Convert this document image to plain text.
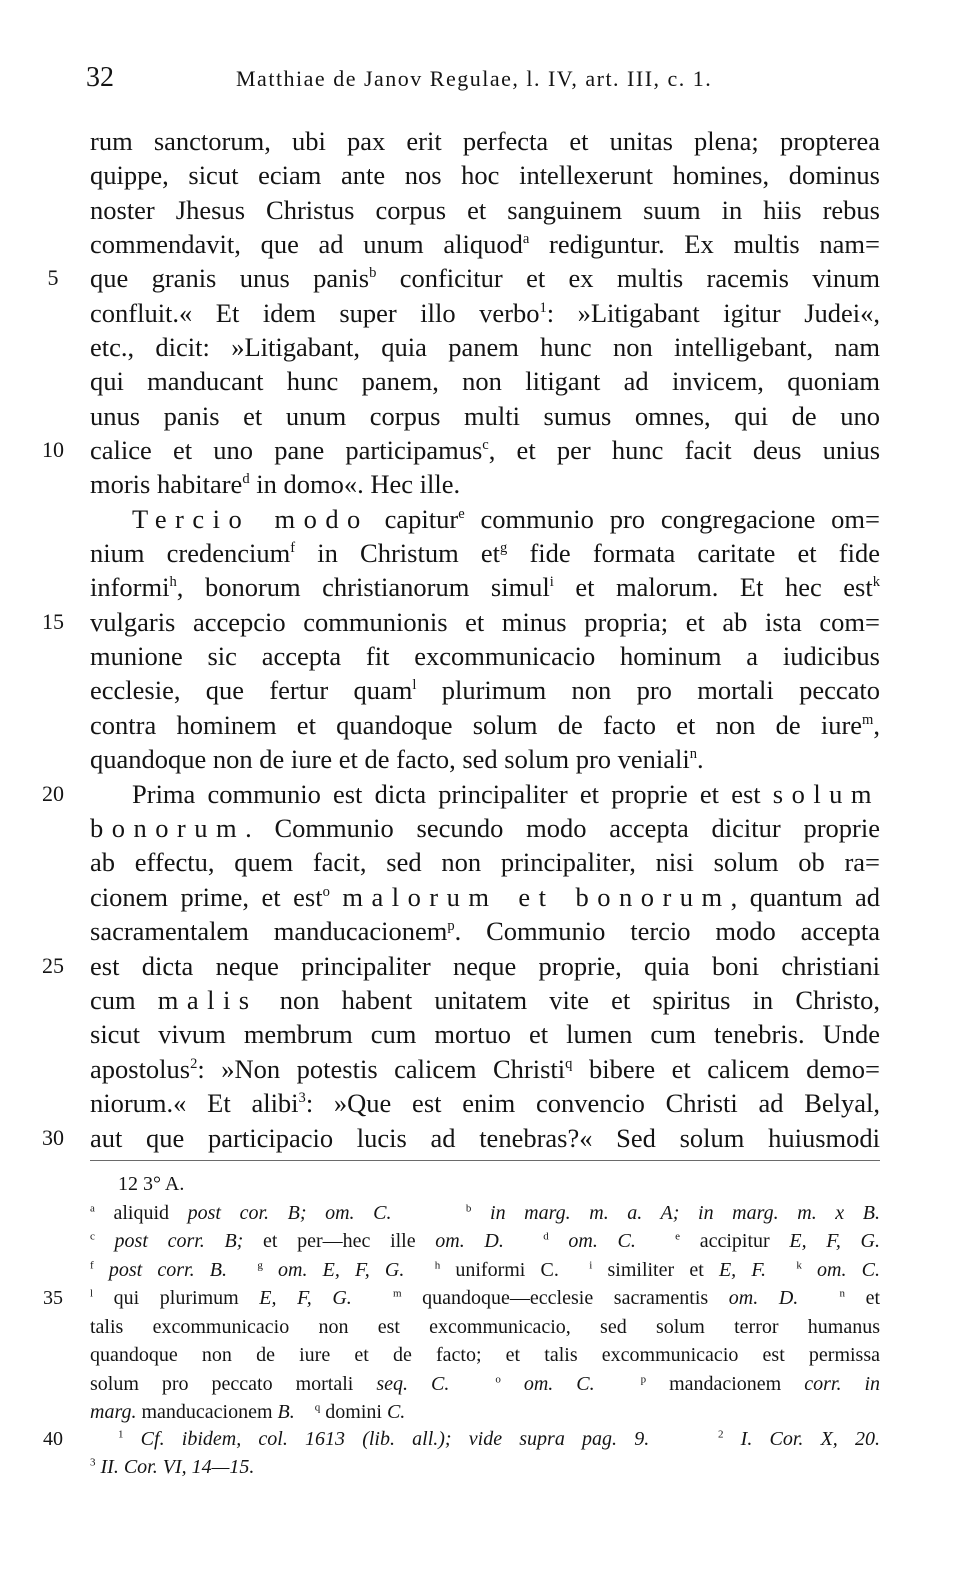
32	Matthiae de Janov Regulae, l. IV, art. III, c. 1.
5
10
15
20
25
30
35
40
rum sanctorum, ubi pax erit perfecta et unitas plena; propterea
quippe, sicut eciam ante nos hoc intellexerunt homines, dominus
noster Jhesus Christus corpus et sanguinem suum in hiis rebus
commendavit, que ad unum aliquod$^a$ rediguntur. Ex multis nam=
que granis unus panis$^b$ conficitur et ex multis racemis vinum
confluit.« Et idem super illo verbo$^1$: »Litigabant igitur Judei«,
etc., dicit: »Litigabant, quia panem hunc non intelligebant, nam
qui manducant hunc panem, non litigant ad invicem, quoniam
unus panis et unum corpus multi sumus omnes, qui de uno
calice et uno pane participamus$^c$, et per hunc facit deus unius
moris habitare$^d$ in domo«. Hec ille.
Tercio modo capitur$^e$ communio pro congregacione om=
nium credencium$^f$ in Christum $et^g$ fide formata caritate et fide
informi$^h$, bonorum christianorum simul$^i$ et malorum. Et hec est$^k$
vulgaris accepcio communionis et minus propria; et ab ista com=
munione sic accepta fit excommunicacio hominum a iudicibus
ecclesie, que fertur quam$^l$ plurimum non pro mortali peccato
contra hominem et quandoque solum de facto et non de iure$^m$,
quandoque non de iure et de facto, sed solum pro veniali$^n$.
Prima communio est dicta principaliter et proprie et est solum
bonorum. Communio secundo modo accepta dicitur proprie
ab effectu, quem facit, sed non principaliter, nisi solum ob ra=
cionem prime, et est$^o$ malorum et bonorum, quantum ad
sacramentalem manducacionem$^p$. Communio tercio modo accepta
est dicta neque principaliter neque proprie, quia boni christiani
cum malis non habent unitatem vite et spiritus in Christo,
sicut vivum membrum cum mortuo et lumen cum tenebris. Unde
apostolus$^2$: »Non potestis calicem Christi$^q$ bibere et calicem demo=
niorum.« Et alibi$^3$: »Que est enim convencio Christi ad Belyal,
aut que participacio lucis ad tenebras?« Sed solum huiusmodi
12 3° A.
$^a$ aliquid post cor. B; om. C.	$^b$ in marg. m. a. A; in marg. m. x B.
$^c$ post corr. B; et per—hec ille om. D.	$^d$ om. C.	$^e$ accipitur E, F, G.
$^f$ post corr. B.	$^g$ om. E, F, G.	$^h$ uniformi C.	$^i$ similiter et E, F.	$^k$ om. C.
$^l$ qui plurimum E, F, G.	$^m$ quandoque—ecclesie sacramentis om. D.	$^n$ et
talis excommunicacio non est excommunicacio, sed solum terror humanus
quandoque non de iure et de facto; et talis excommunicacio est permissa
solum pro peccato mortali seq. C.	$^o$ om. C.	$^p$ mandacionem corr. in
marg. manducacionem B. $^q$ domini C.
$^1$ Cf. ibidem, col. 1613 (lib. all.); vide supra pag. 9.	$^2$ I. Cor. X, 20.
$^3$ II. Cor. VI, 14—15.
